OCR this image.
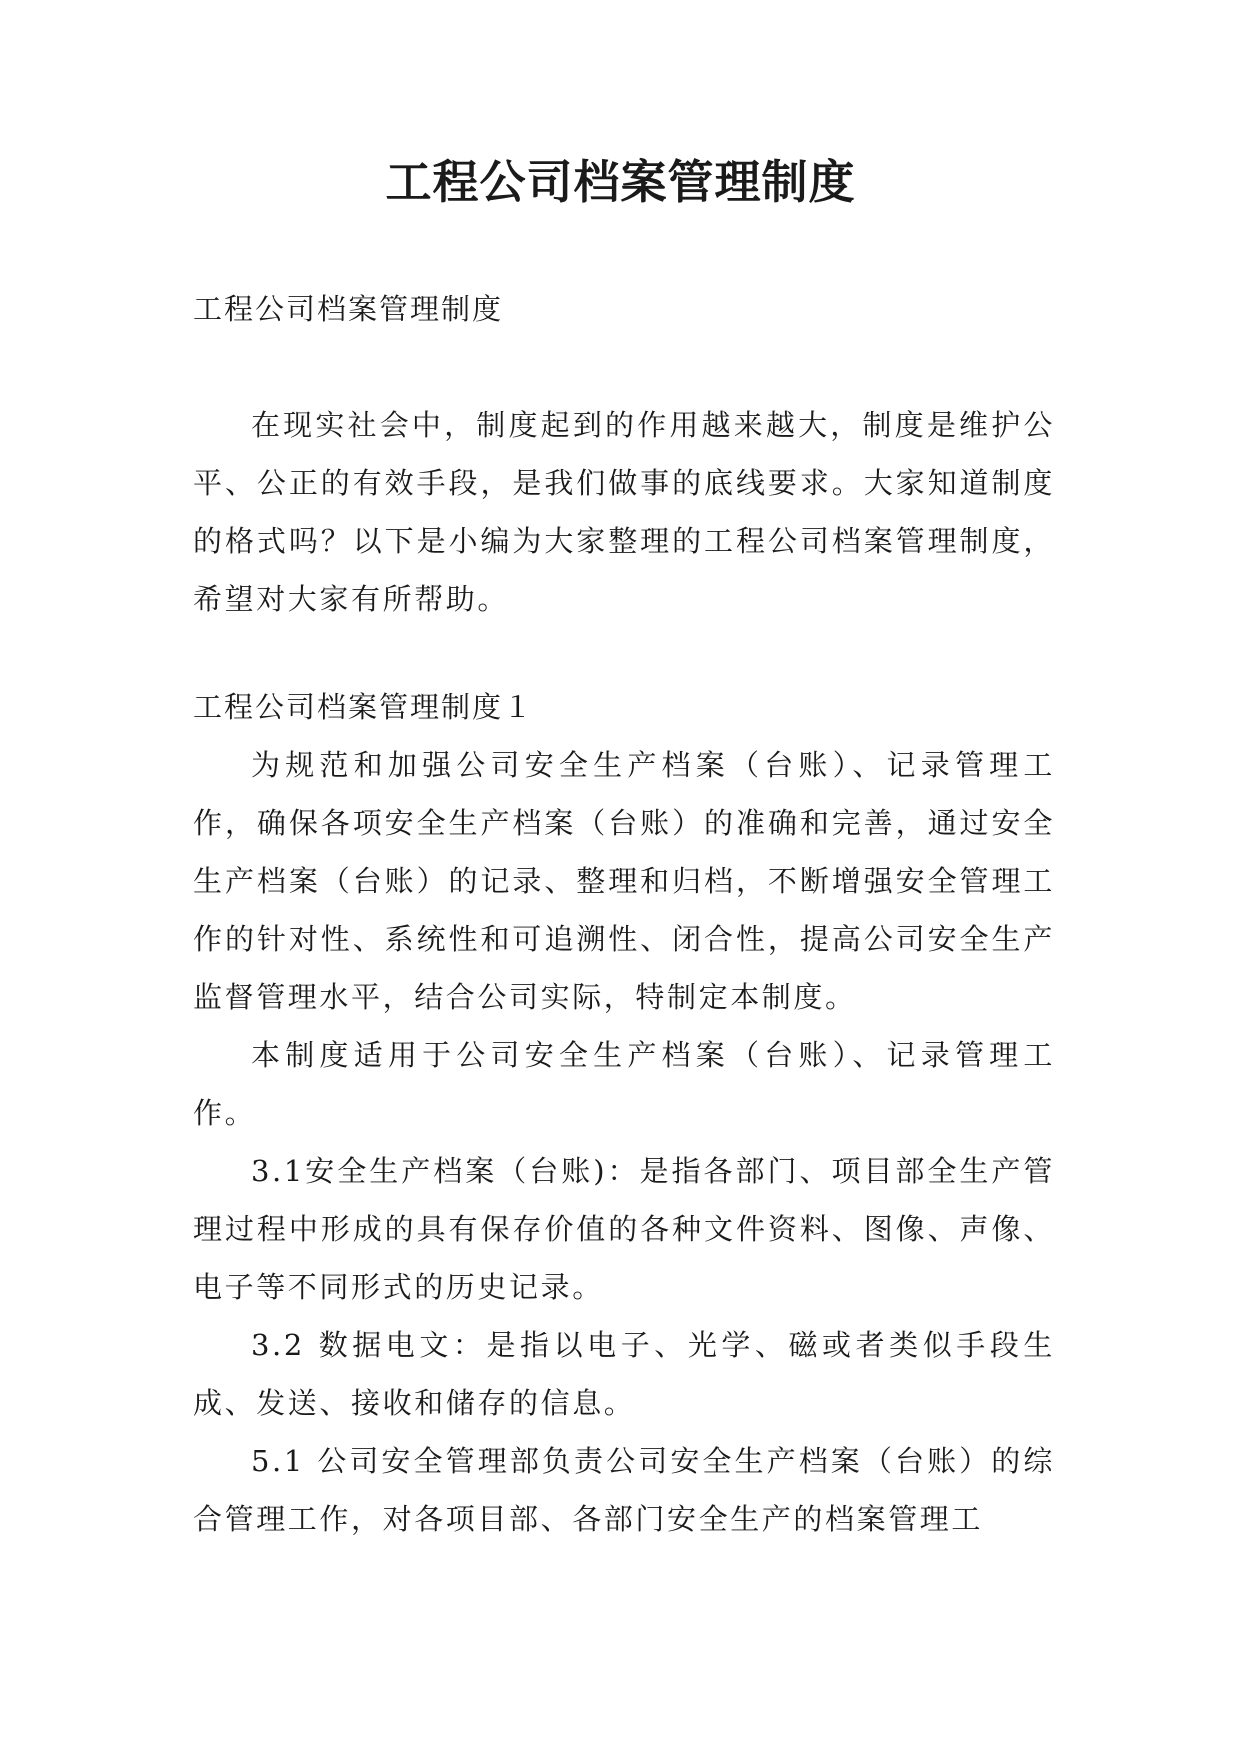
工程公司档案管理制度

工程公司档案管理制度

在现实社会中，制度起到的作用越来越大，制度是维护公平、公正的有效手段，是我们做事的底线要求。大家知道制度的格式吗？以下是小编为大家整理的工程公司档案管理制度，希望对大家有所帮助。

工程公司档案管理制度１

为规范和加强公司安全生产档案（台账）、记录管理工作，确保各项安全生产档案（台账）的准确和完善，通过安全生产档案（台账）的记录、整理和归档，不断增强安全管理工作的针对性、系统性和可追溯性、闭合性，提高公司安全生产监督管理水平，结合公司实际，特制定本制度。

本制度适用于公司安全生产档案（台账）、记录管理工作。

3.1安全生产档案（台账)：是指各部门、项目部全生产管理过程中形成的具有保存价值的各种文件资料、图像、声像、电子等不同形式的历史记录。

3.2 数据电文：是指以电子、光学、磁或者类似手段生成、发送、接收和储存的信息。

5.1 公司安全管理部负责公司安全生产档案（台账）的综合管理工作，对各项目部、各部门安全生产的档案管理工
